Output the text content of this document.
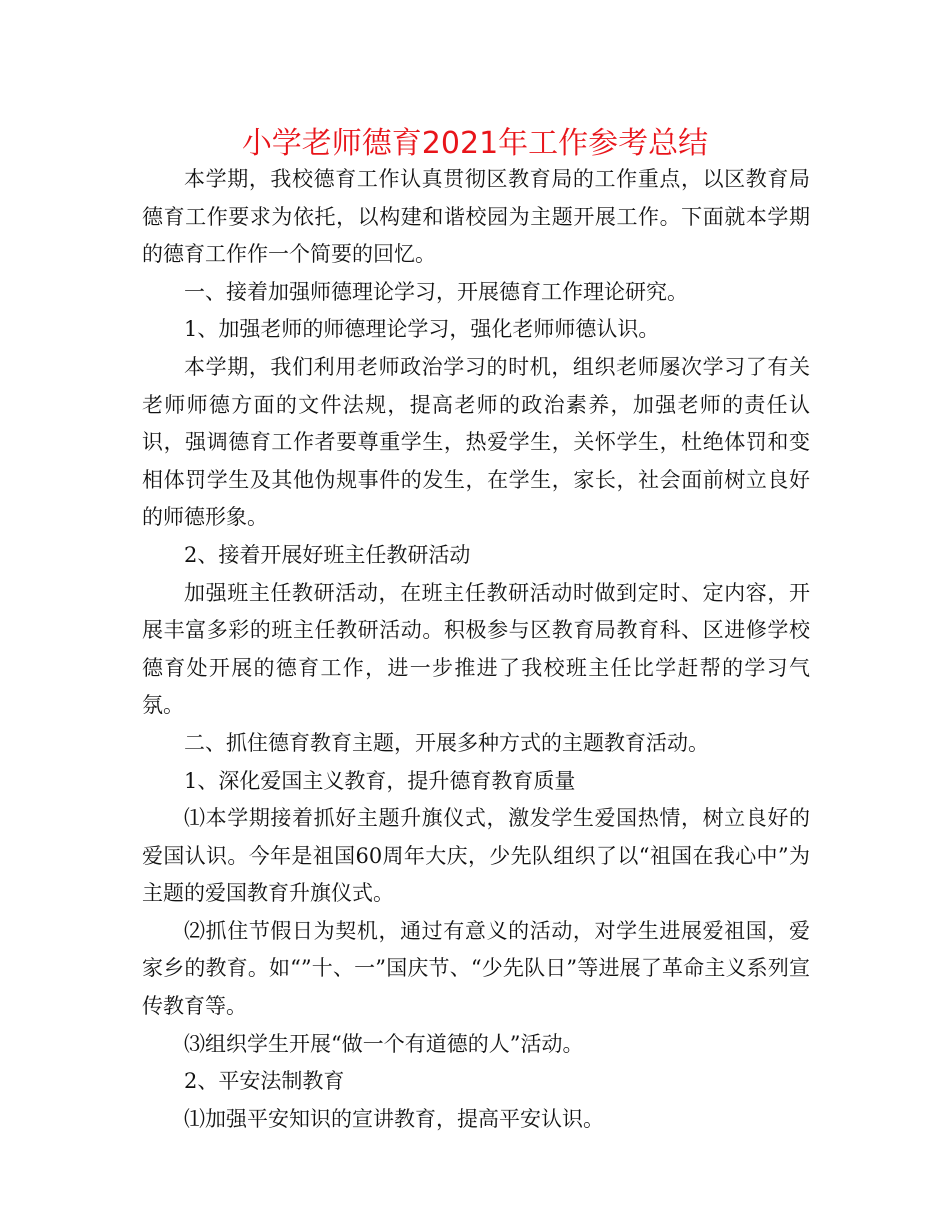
小学老师德育2021年工作参考总结

本学期，我校德育工作认真贯彻区教育局的工作重点，以区教育局德育工作要求为依托，以构建和谐校园为主题开展工作。下面就本学期的德育工作作一个简要的回忆。

一、接着加强师德理论学习，开展德育工作理论研究。

1、加强老师的师德理论学习，强化老师师德认识。

本学期，我们利用老师政治学习的时机，组织老师屡次学习了有关老师师德方面的文件法规，提高老师的政治素养，加强老师的责任认识，强调德育工作者要尊重学生，热爱学生，关怀学生，杜绝体罚和变相体罚学生及其他伪规事件的发生，在学生，家长，社会面前树立良好的师德形象。

2、接着开展好班主任教研活动

加强班主任教研活动，在班主任教研活动时做到定时、定内容，开展丰富多彩的班主任教研活动。积极参与区教育局教育科、区进修学校德育处开展的德育工作，进一步推进了我校班主任比学赶帮的学习气氛。

二、抓住德育教育主题，开展多种方式的主题教育活动。

1、深化爱国主义教育，提升德育教育质量

⑴本学期接着抓好主题升旗仪式，激发学生爱国热情，树立良好的爱国认识。今年是祖国60周年大庆，少先队组织了以“祖国在我心中”为主题的爱国教育升旗仪式。

⑵抓住节假日为契机，通过有意义的活动，对学生进展爱祖国，爱家乡的教育。如“”十、一”国庆节、“少先队日”等进展了革命主义系列宣传教育等。

⑶组织学生开展“做一个有道德的人”活动。

2、平安法制教育

⑴加强平安知识的宣讲教育，提高平安认识。
